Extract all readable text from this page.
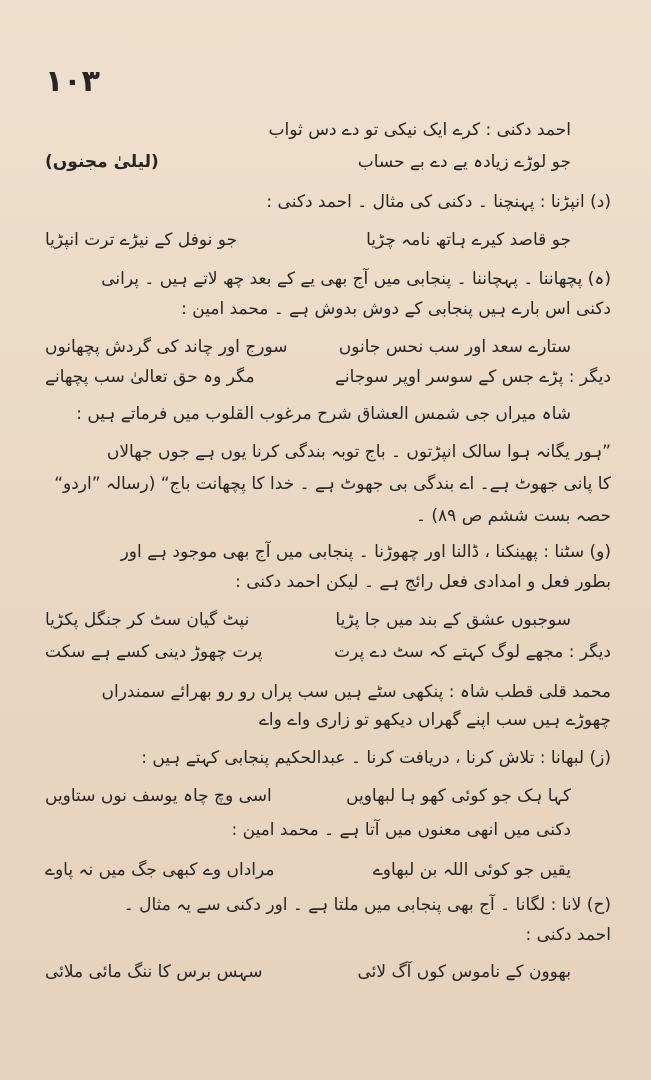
۱۰۳
احمد دکنی : کرے ایک نیکی تو دے دس ثواب
جو لوڑے زیادہ یے دے بے حساب
(لیلیٰ مجنوں)
(د) انپڑنا : پہنچنا ۔ دکنی کی مثال ۔ احمد دکنی :
جو قاصد کیرے ہاتھ نامہ چڑیا
جو نوفل کے نیڑے ترت انپڑیا
(ہ) پچھاننا ۔ پہچاننا ۔ پنجابی میں آج بھی یے کے بعد چھ لاتے ہیں ۔ پرانی
دکنی اس بارے ہیں پنجابی کے دوش بدوش ہے ۔ محمد امین :
ستارے سعد اور سب نحس جانوں
سورج اور چاند کی گردش پچھانوں
دیگر : پڑے جس کے سوسر اوپر سوجانے
مگر وہ حق تعالیٰ سب پچھانے
شاہ میراں جی شمس العشاق شرح مرغوب القلوب میں فرماتے ہیں :
”ہور یگانہ ہوا سالک انپڑتوں ۔ باج توبہ بندگی کرنا یوں ہے جوں جھالاں
کا پانی جھوٹ ہے۔ اے بندگی بی جھوٹ ہے ۔ خدا کا پچھانت باج“ (رسالہ ”اردو“
حصہ بست ششم ص ۸۹) ۔
(و) سٹنا : پھینکنا ، ڈالنا اور چھوڑنا ۔ پنجابی میں آج بھی موجود ہے اور
بطور فعل و امدادی فعل رائج ہے ۔ لیکن احمد دکنی :
سوجبوں عشق کے بند میں جا پڑیا
نپٹ گیان سٹ کر جنگل پکڑیا
دیگر : مجھے لوگ کہتے کہ سٹ دے پرت
پرت چھوڑ دینی کسے ہے سکت
محمد قلی قطب شاہ : پنکھی سٹے ہیں سب پراں رو رو بھرائے سمندراں
چھوڑے ہیں سب اپنے گھراں دیکھو تو زاری واے واے
(ز) لبھانا : تلاش کرنا ، دریافت کرنا ۔ عبدالحکیم پنجابی کہتے ہیں :
کہا ہک جو کوئی کھو ہا لبھاویں
اسی وچ چاہ یوسف نوں ستاویں
دکنی میں انھی معنوں میں آتا ہے ۔ محمد امین :
یقیں جو کوئی اللہ بن لبھاوے
مراداں وے کبھی جگ میں نہ پاوے
(ح) لانا : لگانا ۔ آج بھی پنجابی میں ملتا ہے ۔ اور دکنی سے یہ مثال ۔
احمد دکنی :
بھوون کے ناموس کوں آگ لائی
سہس برس کا ننگ مائی ملائی
